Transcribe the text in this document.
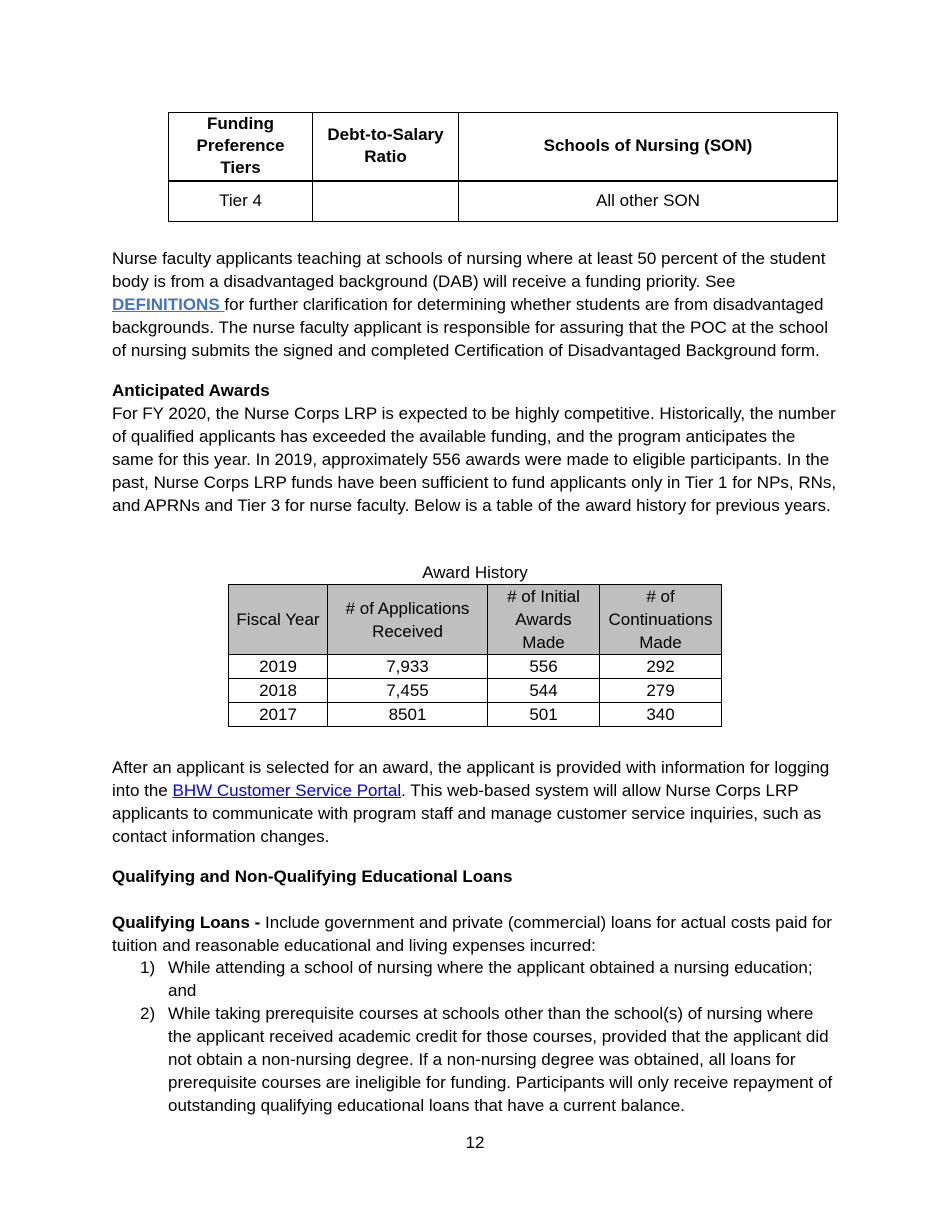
Funding Preference Tiers	Debt-to-Salary Ratio	Schools of Nursing (SON)
Tier 4		All other SON

Nurse faculty applicants teaching at schools of nursing where at least 50 percent of the student body is from a disadvantaged background (DAB) will receive a funding priority. See DEFINITIONS for further clarification for determining whether students are from disadvantaged backgrounds. The nurse faculty applicant is responsible for assuring that the POC at the school of nursing submits the signed and completed Certification of Disadvantaged Background form.

Anticipated Awards

For FY 2020, the Nurse Corps LRP is expected to be highly competitive. Historically, the number of qualified applicants has exceeded the available funding, and the program anticipates the same for this year. In 2019, approximately 556 awards were made to eligible participants. In the past, Nurse Corps LRP funds have been sufficient to fund applicants only in Tier 1 for NPs, RNs, and APRNs and Tier 3 for nurse faculty. Below is a table of the award history for previous years.

Award History
Fiscal Year	# of Applications Received	# of Initial Awards Made	# of Continuations Made
2019	7,933	556	292
2018	7,455	544	279
2017	8501	501	340

After an applicant is selected for an award, the applicant is provided with information for logging into the BHW Customer Service Portal. This web-based system will allow Nurse Corps LRP applicants to communicate with program staff and manage customer service inquiries, such as contact information changes.

Qualifying and Non-Qualifying Educational Loans

Qualifying Loans - Include government and private (commercial) loans for actual costs paid for tuition and reasonable educational and living expenses incurred:

1) While attending a school of nursing where the applicant obtained a nursing education; and
2) While taking prerequisite courses at schools other than the school(s) of nursing where the applicant received academic credit for those courses, provided that the applicant did not obtain a non-nursing degree. If a non-nursing degree was obtained, all loans for prerequisite courses are ineligible for funding. Participants will only receive repayment of outstanding qualifying educational loans that have a current balance.
12
